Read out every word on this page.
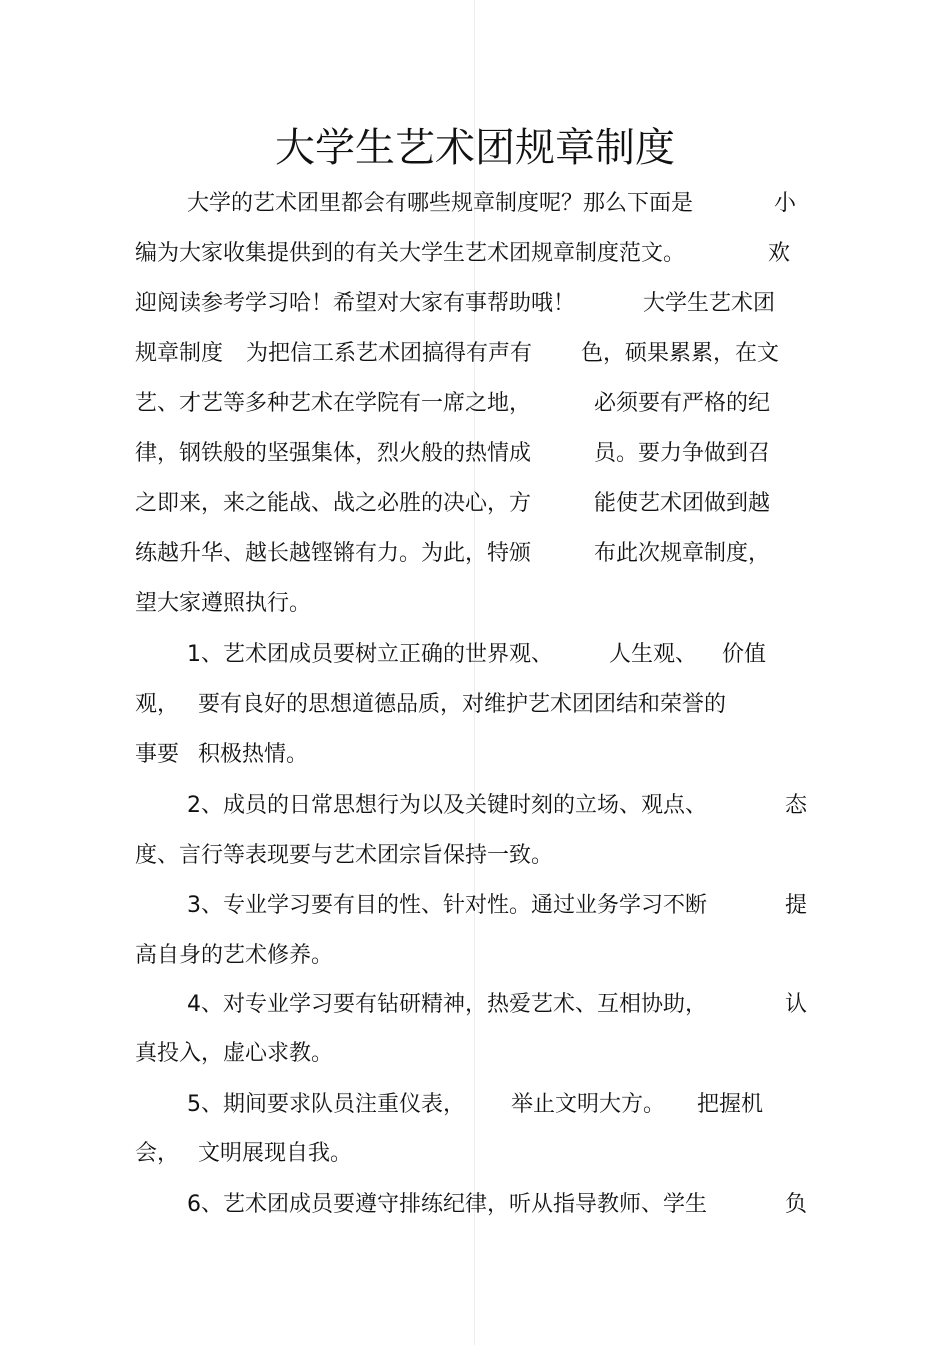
大学生艺术团规章制度
大学的艺术团里都会有哪些规章制度呢？那么下面是	小
编为大家收集提供到的有关大学生艺术团规章制度范文。	欢
迎阅读参考学习哈！希望对大家有事帮助哦！	大学生艺术团
规章制度 为把信工系艺术团搞得有声有 色，硕果累累，在文
艺、才艺等多种艺术在学院有一席之地，	必须要有严格的纪
律，钢铁般的坚强集体，烈火般的热情成	员。要力争做到召
之即来，来之能战、战之必胜的决心，方	能使艺术团做到越
练越升华、越长越铿锵有力。为此，特颁	布此次规章制度，
望大家遵照执行。
1、艺术团成员要树立正确的世界观、	人生观、 价值
观， 要有良好的思想道德品质，对维护艺术团团结和荣誉的
事要 积极热情。
2、成员的日常思想行为以及关键时刻的立场、观点、	态
度、言行等表现要与艺术团宗旨保持一致。
3、专业学习要有目的性、针对性。通过业务学习不断	提
高自身的艺术修养。
4、对专业学习要有钻研精神，热爱艺术、互相协助，	认
真投入，虚心求教。
5、期间要求队员注重仪表， 举止文明大方。 把握机
会， 文明展现自我。
6、艺术团成员要遵守排练纪律，听从指导教师、学生	负
